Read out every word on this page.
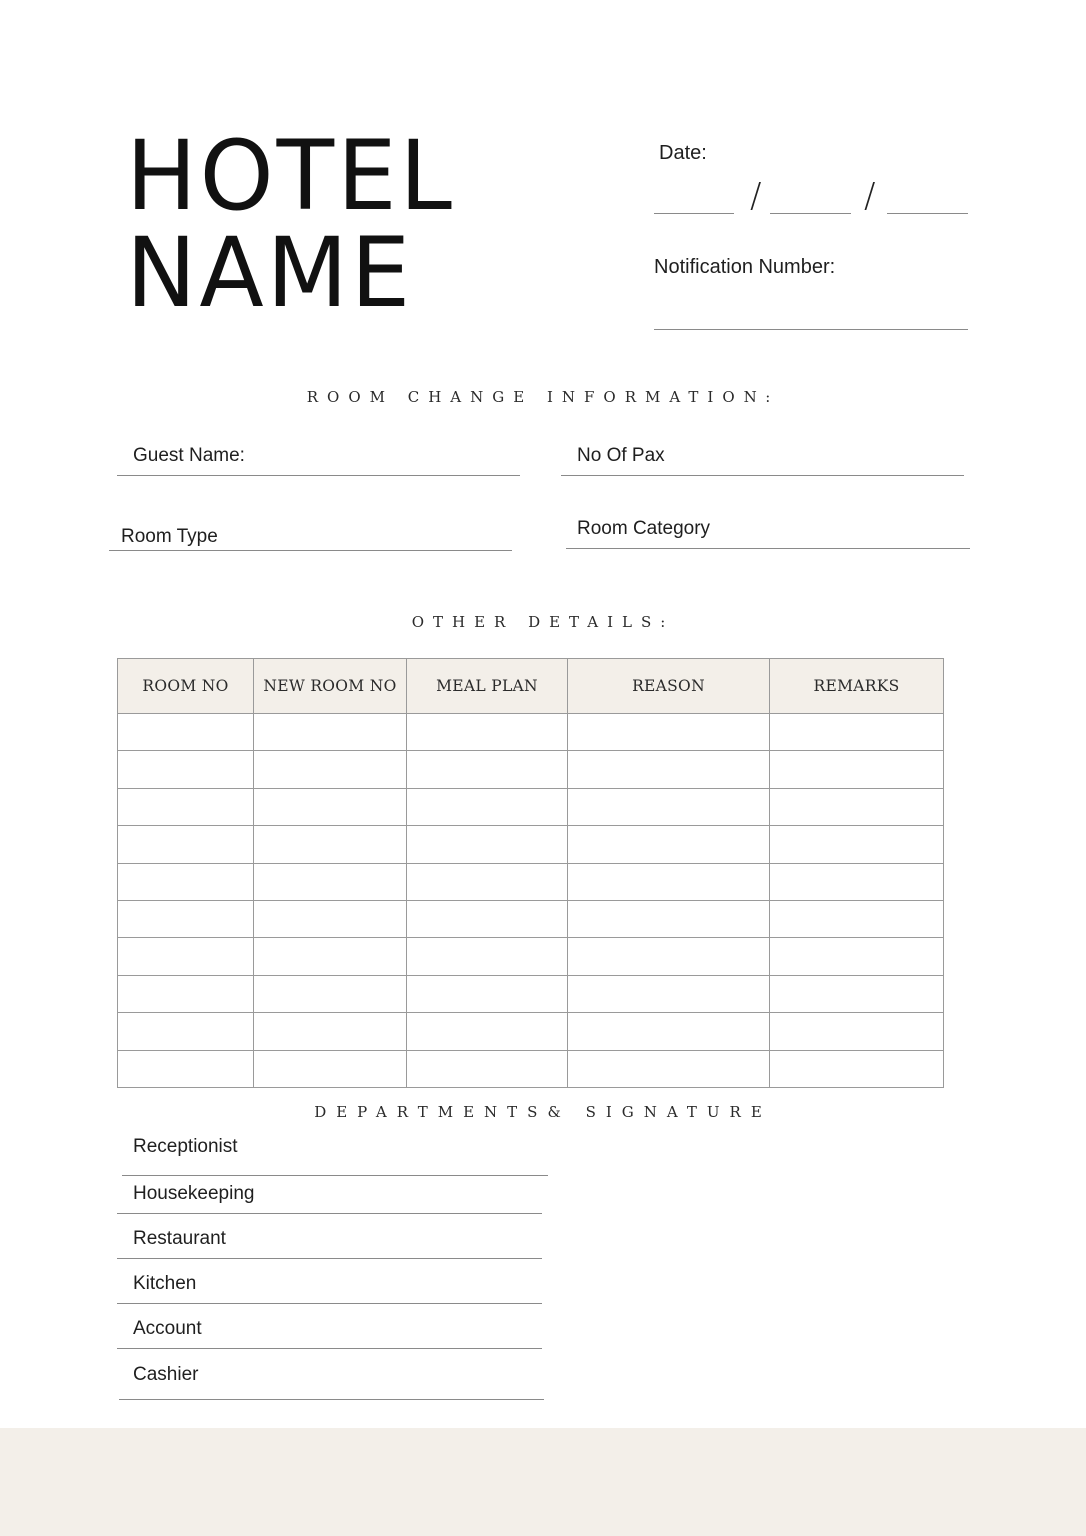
HOTEL
NAME
Date:
/	/
Notification Number:
ROOM CHANGE INFORMATION:
Guest Name:	No Of Pax
Room Type	Room Category
OTHER DETAILS:
ROOM NO	NEW ROOM NO	MEAL PLAN	REASON	REMARKS

DEPARTMENTS& SIGNATURE
Receptionist
Housekeeping
Restaurant
Kitchen
Account
Cashier
